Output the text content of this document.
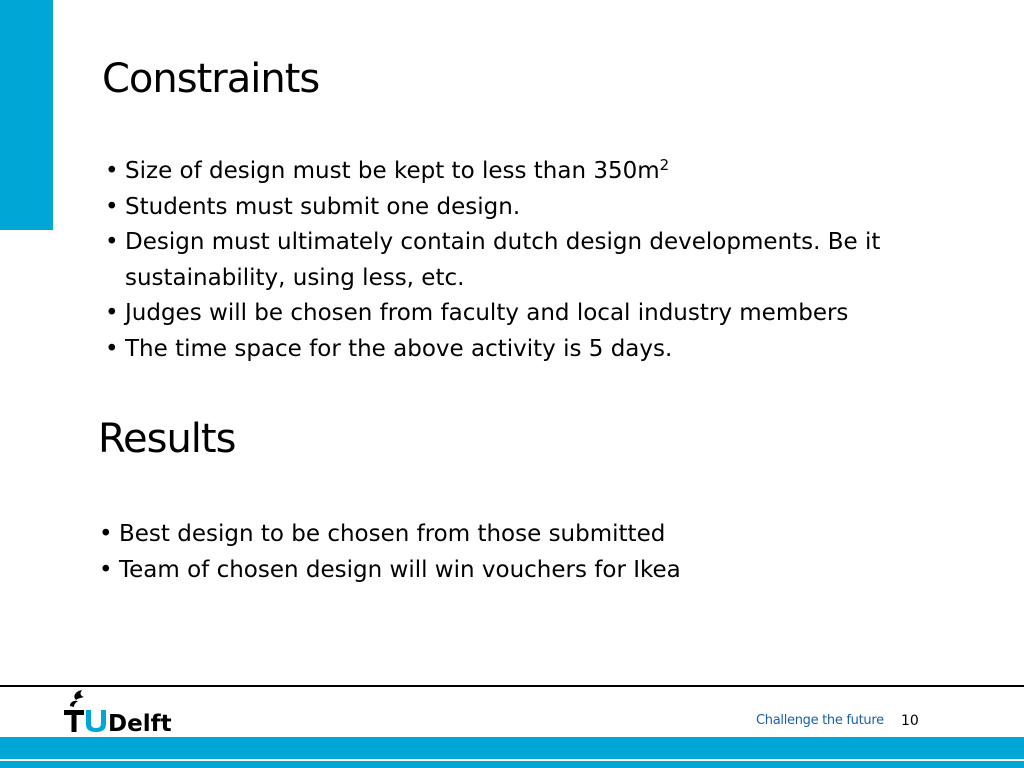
Constraints
• Size of design must be kept to less than $350m^2$
• Students must submit one design.
• Design must ultimately contain dutch design developments. Be it sustainability, using less, etc.
• Judges will be chosen from faculty and local industry members
• The time space for the above activity is 5 days.
Results
• Best design to be chosen from those submitted
• Team of chosen design will win vouchers for Ikea
Delft	Challenge the future 10
